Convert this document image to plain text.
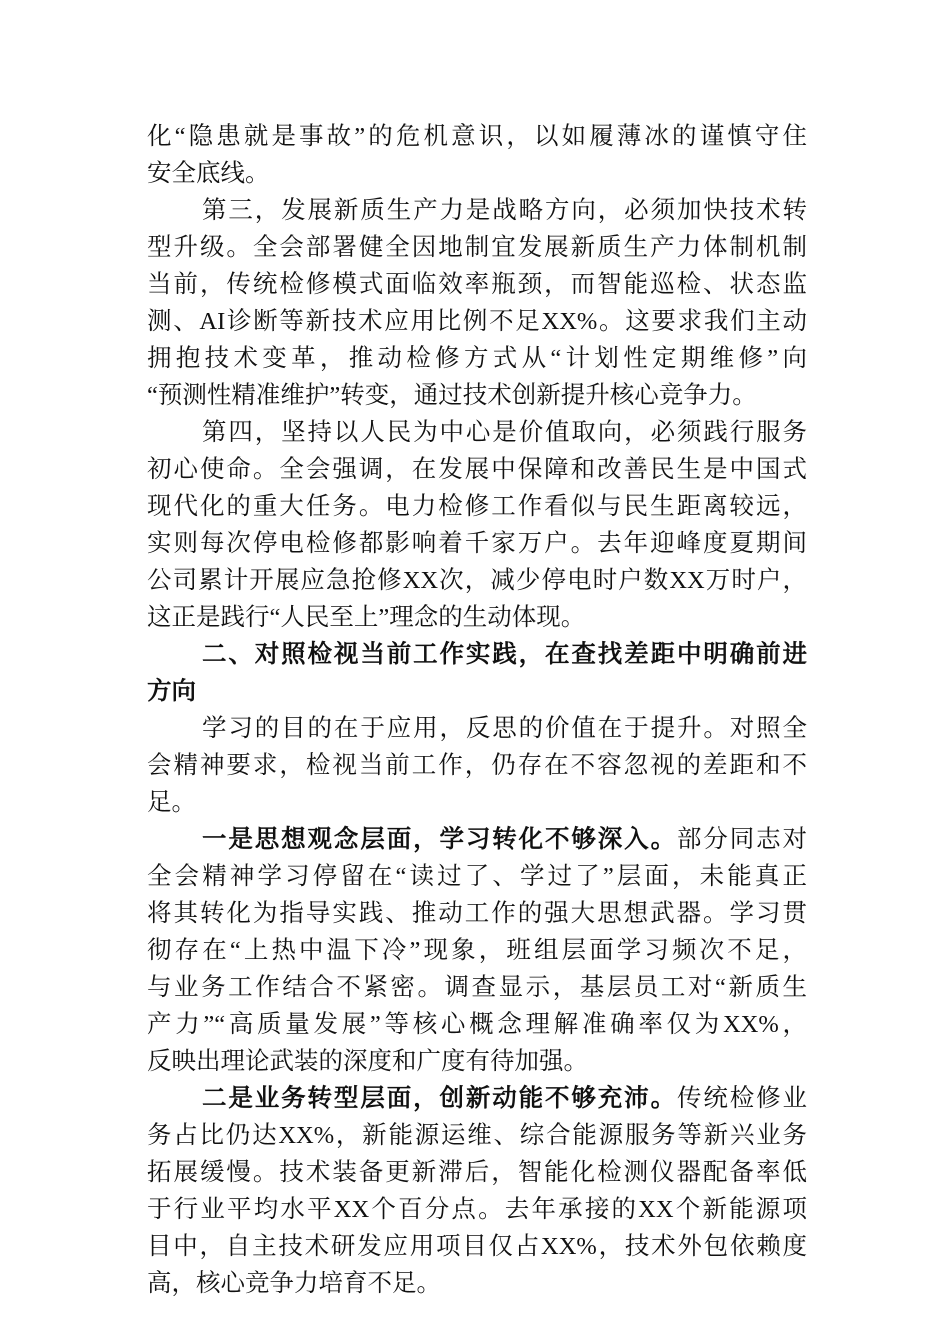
化“隐患就是事故”的危机意识，以如履薄冰的谨慎守住
安全底线。
第三，发展新质生产力是战略方向，必须加快技术转
型升级。全会部署健全因地制宜发展新质生产力体制机制
当前，传统检修模式面临效率瓶颈，而智能巡检、状态监
测、AI诊断等新技术应用比例不足XX%。这要求我们主动
拥抱技术变革，推动检修方式从“计划性定期维修”向
“预测性精准维护”转变，通过技术创新提升核心竞争力。
第四，坚持以人民为中心是价值取向，必须践行服务
初心使命。全会强调，在发展中保障和改善民生是中国式
现代化的重大任务。电力检修工作看似与民生距离较远，
实则每次停电检修都影响着千家万户。去年迎峰度夏期间
公司累计开展应急抢修XX次，减少停电时户数XX万时户，
这正是践行“人民至上”理念的生动体现。
二、对照检视当前工作实践，在查找差距中明确前进
方向
学习的目的在于应用，反思的价值在于提升。对照全
会精神要求，检视当前工作，仍存在不容忽视的差距和不
足。
一是思想观念层面，学习转化不够深入。部分同志对
全会精神学习停留在“读过了、学过了”层面，未能真正
将其转化为指导实践、推动工作的强大思想武器。学习贯
彻存在“上热中温下冷”现象，班组层面学习频次不足，
与业务工作结合不紧密。调查显示，基层员工对“新质生
产力”“高质量发展”等核心概念理解准确率仅为XX%，
反映出理论武装的深度和广度有待加强。
二是业务转型层面，创新动能不够充沛。传统检修业
务占比仍达XX%，新能源运维、综合能源服务等新兴业务
拓展缓慢。技术装备更新滞后，智能化检测仪器配备率低
于行业平均水平XX个百分点。去年承接的XX个新能源项
目中，自主技术研发应用项目仅占XX%，技术外包依赖度
高，核心竞争力培育不足。
